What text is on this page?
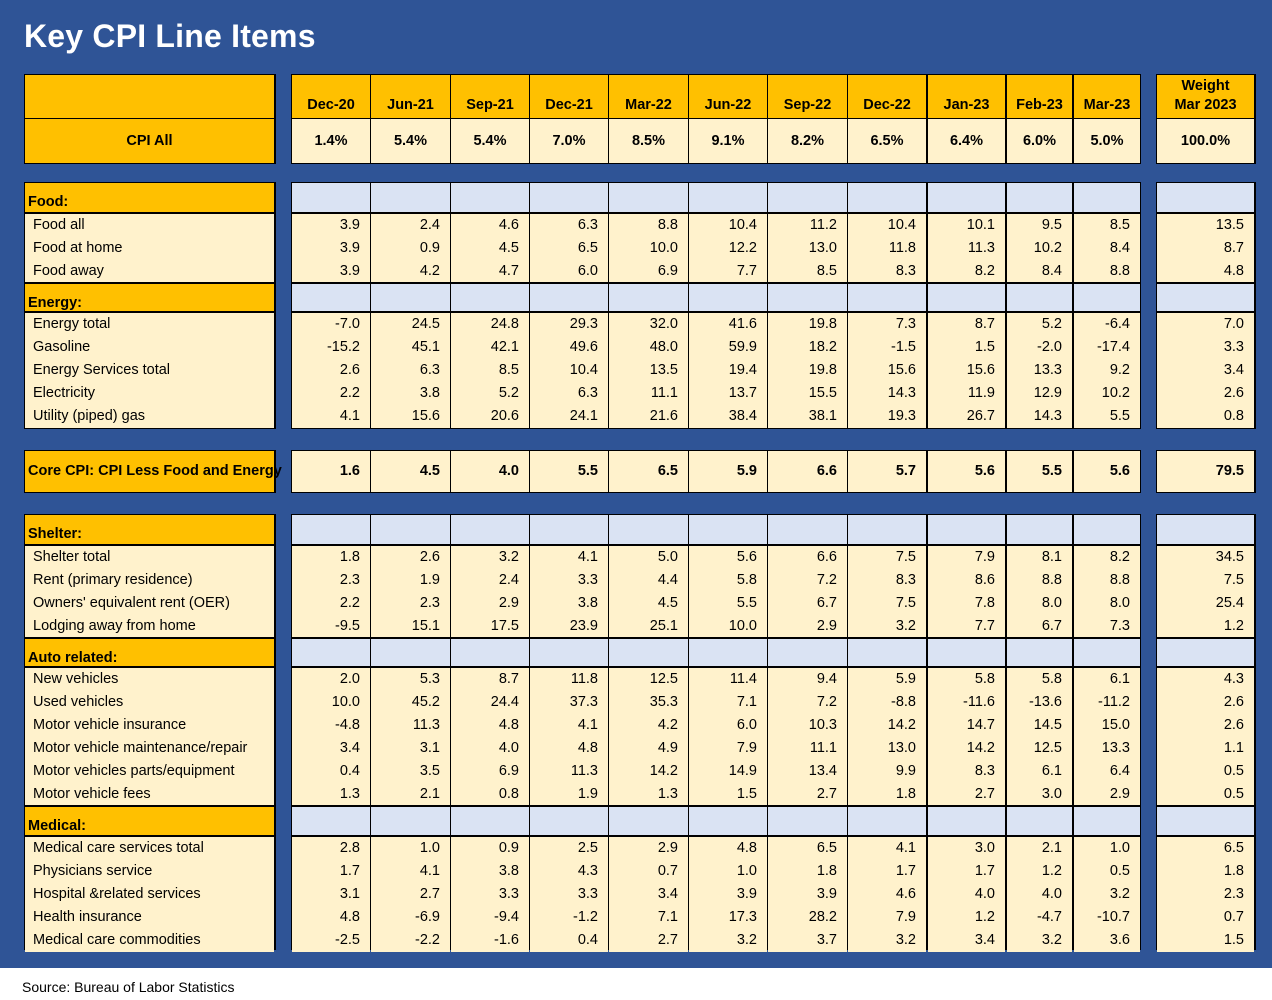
Key CPI Line Items
Dec-20	Jun-21	Sep-21	Dec-21	Mar-22	Jun-22	Sep-22	Dec-22	Jan-23	Feb-23	Mar-23
Weight
Mar 2023
CPI All	1.4%	5.4%	5.4%	7.0%	8.5%	9.1%	8.2%	6.5%	6.4%	6.0%	5.0%	100.0%
Food:
Food all	3.9	2.4	4.6	6.3	8.8	10.4	11.2	10.4	10.1	9.5	8.5	13.5
Food at home	3.9	0.9	4.5	6.5	10.0	12.2	13.0	11.8	11.3	10.2	8.4	8.7
Food away	3.9	4.2	4.7	6.0	6.9	7.7	8.5	8.3	8.2	8.4	8.8	4.8
Energy:
Energy total	-7.0	24.5	24.8	29.3	32.0	41.6	19.8	7.3	8.7	5.2	-6.4	7.0
Gasoline	-15.2	45.1	42.1	49.6	48.0	59.9	18.2	-1.5	1.5	-2.0	-17.4	3.3
Energy Services total	2.6	6.3	8.5	10.4	13.5	19.4	19.8	15.6	15.6	13.3	9.2	3.4
Electricity	2.2	3.8	5.2	6.3	11.1	13.7	15.5	14.3	11.9	12.9	10.2	2.6
Utility (piped) gas	4.1	15.6	20.6	24.1	21.6	38.4	38.1	19.3	26.7	14.3	5.5	0.8
Core CPI: CPI Less Food and Energy	1.6	4.5	4.0	5.5	6.5	5.9	6.6	5.7	5.6	5.5	5.6	79.5
Shelter:
Shelter total	1.8	2.6	3.2	4.1	5.0	5.6	6.6	7.5	7.9	8.1	8.2	34.5
Rent (primary residence)	2.3	1.9	2.4	3.3	4.4	5.8	7.2	8.3	8.6	8.8	8.8	7.5
Owners' equivalent rent (OER)	2.2	2.3	2.9	3.8	4.5	5.5	6.7	7.5	7.8	8.0	8.0	25.4
Lodging away from home	-9.5	15.1	17.5	23.9	25.1	10.0	2.9	3.2	7.7	6.7	7.3	1.2
Auto related:
New vehicles	2.0	5.3	8.7	11.8	12.5	11.4	9.4	5.9	5.8	5.8	6.1	4.3
Used vehicles	10.0	45.2	24.4	37.3	35.3	7.1	7.2	-8.8	-11.6	-13.6	-11.2	2.6
Motor vehicle insurance	-4.8	11.3	4.8	4.1	4.2	6.0	10.3	14.2	14.7	14.5	15.0	2.6
Motor vehicle maintenance/repair	3.4	3.1	4.0	4.8	4.9	7.9	11.1	13.0	14.2	12.5	13.3	1.1
Motor vehicles parts/equipment	0.4	3.5	6.9	11.3	14.2	14.9	13.4	9.9	8.3	6.1	6.4	0.5
Motor vehicle fees	1.3	2.1	0.8	1.9	1.3	1.5	2.7	1.8	2.7	3.0	2.9	0.5
Medical:
Medical care services total	2.8	1.0	0.9	2.5	2.9	4.8	6.5	4.1	3.0	2.1	1.0	6.5
Physicians service	1.7	4.1	3.8	4.3	0.7	1.0	1.8	1.7	1.7	1.2	0.5	1.8
Hospital &related services	3.1	2.7	3.3	3.3	3.4	3.9	3.9	4.6	4.0	4.0	3.2	2.3
Health insurance	4.8	-6.9	-9.4	-1.2	7.1	17.3	28.2	7.9	1.2	-4.7	-10.7	0.7
Medical care commodities	-2.5	-2.2	-1.6	0.4	2.7	3.2	3.7	3.2	3.4	3.2	3.6	1.5
Source: Bureau of Labor Statistics
